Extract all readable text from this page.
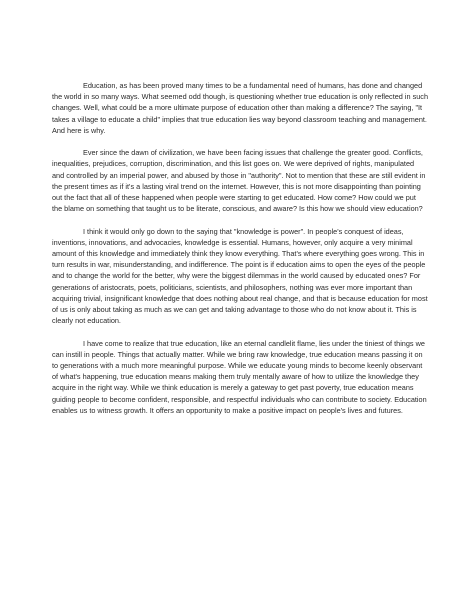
Education, as has been proved many times to be a fundamental need of humans, has done and changed the world in so many ways. What seemed odd though, is questioning whether true education is only reflected in such changes. Well, what could be a more ultimate purpose of education other than making a difference? The saying, "It takes a village to educate a child" implies that true education lies way beyond classroom teaching and management. And here is why.

Ever since the dawn of civilization, we have been facing issues that challenge the greater good. Conflicts, inequalities, prejudices, corruption, discrimination, and this list goes on. We were deprived of rights, manipulated and controlled by an imperial power, and abused by those in "authority". Not to mention that these are still evident in the present times as if it's a lasting viral trend on the internet. However, this is not more disappointing than pointing out the fact that all of these happened when people were starting to get educated. How come? How could we put the blame on something that taught us to be literate, conscious, and aware? Is this how we should view education?

I think it would only go down to the saying that "knowledge is power". In people's conquest of ideas, inventions, innovations, and advocacies, knowledge is essential. Humans, however, only acquire a very minimal amount of this knowledge and immediately think they know everything. That's where everything goes wrong. This in turn results in war, misunderstanding, and indifference. The point is if education aims to open the eyes of the people and to change the world for the better, why were the biggest dilemmas in the world caused by educated ones? For generations of aristocrats, poets, politicians, scientists, and philosophers, nothing was ever more important than acquiring trivial, insignificant knowledge that does nothing about real change, and that is because education for most of us is only about taking as much as we can get and taking advantage to those who do not know about it. This is clearly not education.

I have come to realize that true education, like an eternal candlelit flame, lies under the tiniest of things we can instill in people. Things that actually matter. While we bring raw knowledge, true education means passing it on to generations with a much more meaningful purpose. While we educate young minds to become keenly observant of what's happening, true education means making them truly mentally aware of how to utilize the knowledge they acquire in the right way. While we think education is merely a gateway to get past poverty, true education means guiding people to become confident, responsible, and respectful individuals who can contribute to society. Education enables us to witness growth. It offers an opportunity to make a positive impact on people's lives and futures.
